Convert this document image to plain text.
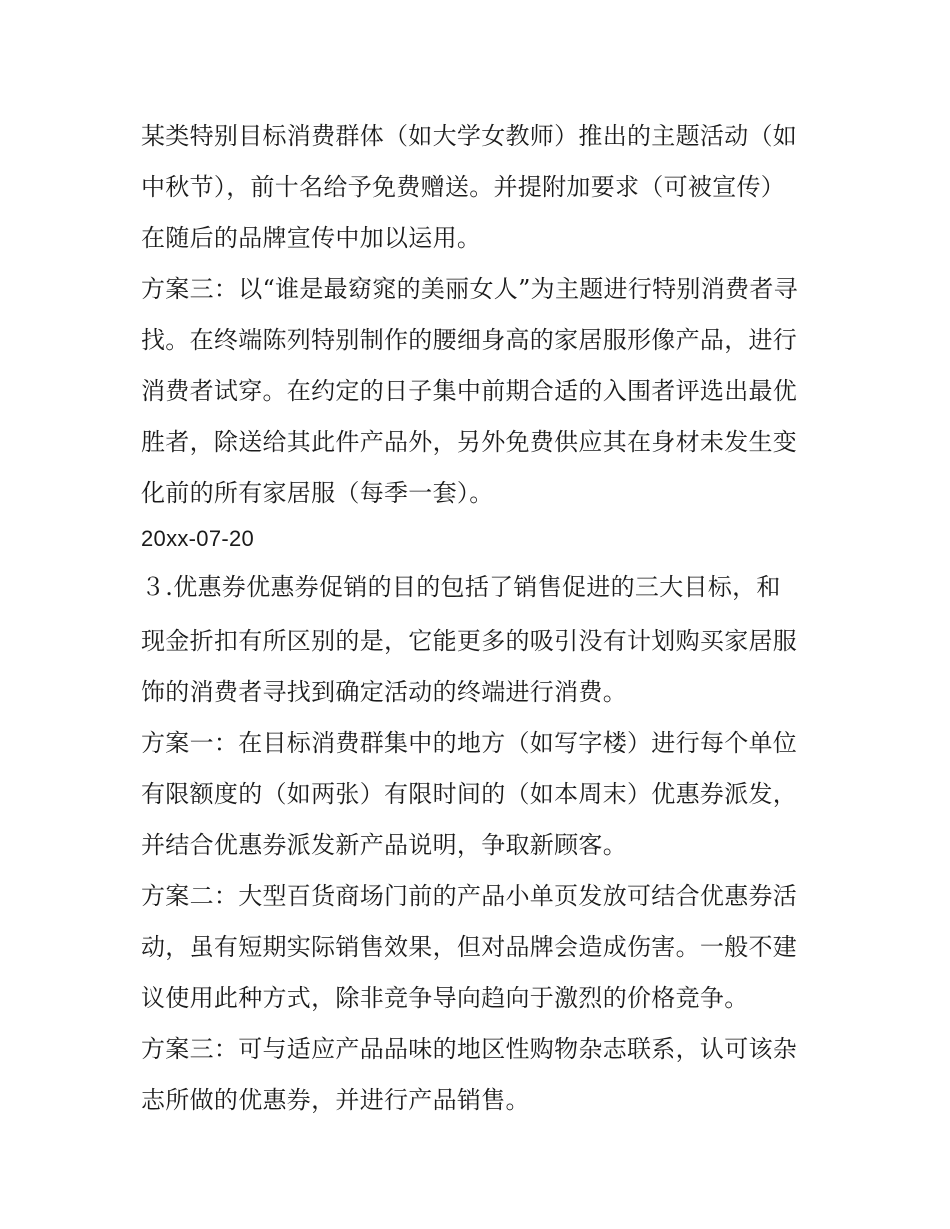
某类特别目标消费群体（如大学女教师）推出的主题活动（如
中秋节），前十名给予免费赠送。并提附加要求（可被宣传）
在随后的品牌宣传中加以运用。
方案三：以“谁是最窈窕的美丽女人”为主题进行特别消费者寻
找。在终端陈列特别制作的腰细身高的家居服形像产品，进行
消费者试穿。在约定的日子集中前期合适的入围者评选出最优
胜者，除送给其此件产品外，另外免费供应其在身材未发生变
化前的所有家居服（每季一套）。
20xx-07-20
３.优惠券优惠券促销的目的包括了销售促进的三大目标，和
现金折扣有所区别的是，它能更多的吸引没有计划购买家居服
饰的消费者寻找到确定活动的终端进行消费。
方案一：在目标消费群集中的地方（如写字楼）进行每个单位
有限额度的（如两张）有限时间的（如本周末）优惠券派发，
并结合优惠券派发新产品说明，争取新顾客。
方案二：大型百货商场门前的产品小单页发放可结合优惠券活
动，虽有短期实际销售效果，但对品牌会造成伤害。一般不建
议使用此种方式，除非竞争导向趋向于激烈的价格竞争。
方案三：可与适应产品品味的地区性购物杂志联系，认可该杂
志所做的优惠券，并进行产品销售。
